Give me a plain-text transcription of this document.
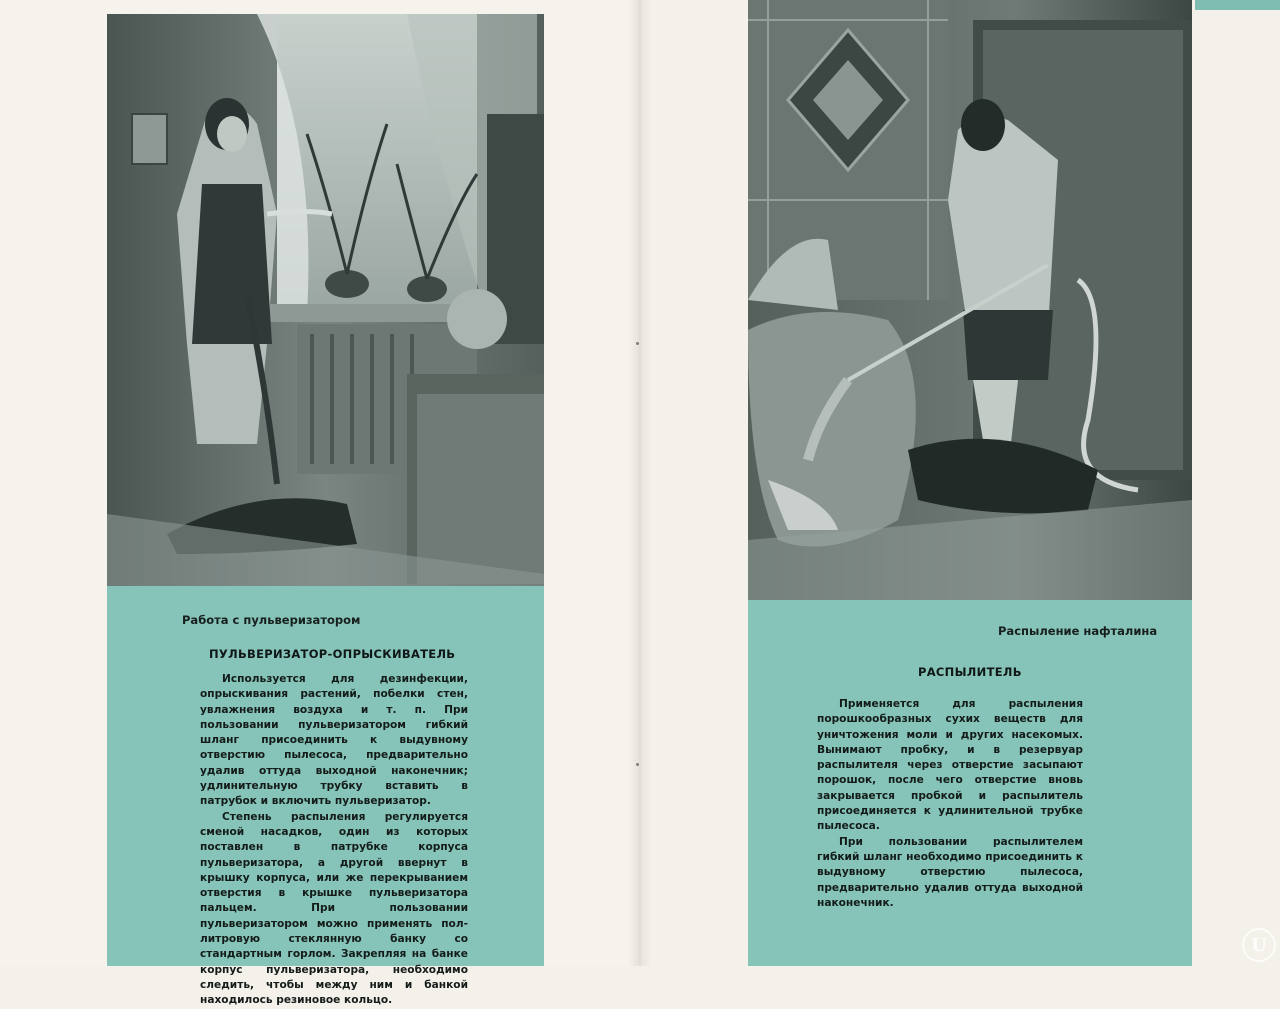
Работа с пульверизатором
ПУЛЬВЕРИЗАТОР-ОПРЫСКИВАТЕЛЬ

Используется для дезинфекции, опрыскивания растений, побелки стен, увлажнения воздуха и т. п. При пользовании пульверизатором гибкий шланг присоединить к выдувному отверстию пылесоса, предварительно удалив оттуда выходной наконечник; удлинительную трубку вставить в патрубок и включить пульверизатор.

Степень распыления регулируется сменой насадков, один из которых поставлен в патрубке корпуса пульверизатора, а другой ввернут в крышку корпуса, или же перекрыванием отверстия в крышке пульверизатора пальцем. При пользовании пульверизатором можно применять пол-литровую стеклянную банку со стандартным горлом. Закрепляя на банке корпус пульверизатора, необходимо следить, чтобы между ним и банкой находилось резиновое кольцо.

Распыление нафталина
РАСПЫЛИТЕЛЬ

Применяется для распыления порошкообразных сухих веществ для уничтожения моли и других насекомых. Вынимают пробку, и в резервуар распылителя через отверстие засыпают порошок, после чего отверстие вновь закрывается пробкой и распылитель присоединяется к удлинительной трубке пылесоса.

При пользовании распылителем гибкий шланг необходимо присоединить к выдувному отверстию пылесоса, предварительно удалив оттуда выходной наконечник.

U
